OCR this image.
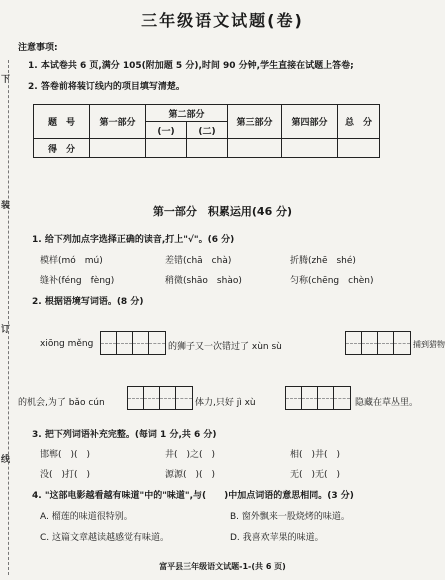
下
装
订
线
三年级语文试题(卷)
注意事项:
1. 本试卷共 6 页,满分 105(附加题 5 分),时间 90 分钟,学生直接在试题上答卷;
2. 答卷前将装订线内的项目填写清楚。
题　号	第一部分	第二部分		第三部分	第四部分	总　分
		(一)	(二)			
得　分						
第一部分　积累运用(46 分)
1. 给下列加点字选择正确的读音,打上"√"。(6 分)
模样(mó　mú)	差错(chā　chà)	折腾(zhē　shé)
缝补(féng　fèng)	稍微(shāo　shào)	匀称(chēng　chèn)
2. 根据语境写词语。(8 分)
xiōng měng	的狮子又一次错过了 xùn sù	捕到猎物
的机会,为了 bǎo cún	体力,只好 jì xù	隐藏在草丛里。
3. 把下列词语补充完整。(每词 1 分,共 6 分)
邯郸(　)(　)	井(　)之(　)	相(　)井(　)
没(　)打(　)	源源(　)(　)	无(　)无(　)
4. "这部电影越看越有味道"中的"味道",与(　　)中加点词语的意思相同。(3 分)
A. 榴莲的味道很特别。	B. 窗外飘来一股烧烤的味道。
C. 这篇文章越读越感觉有味道。	D. 我喜欢苹果的味道。
富平县三年级语文试题-1-(共 6 页)
